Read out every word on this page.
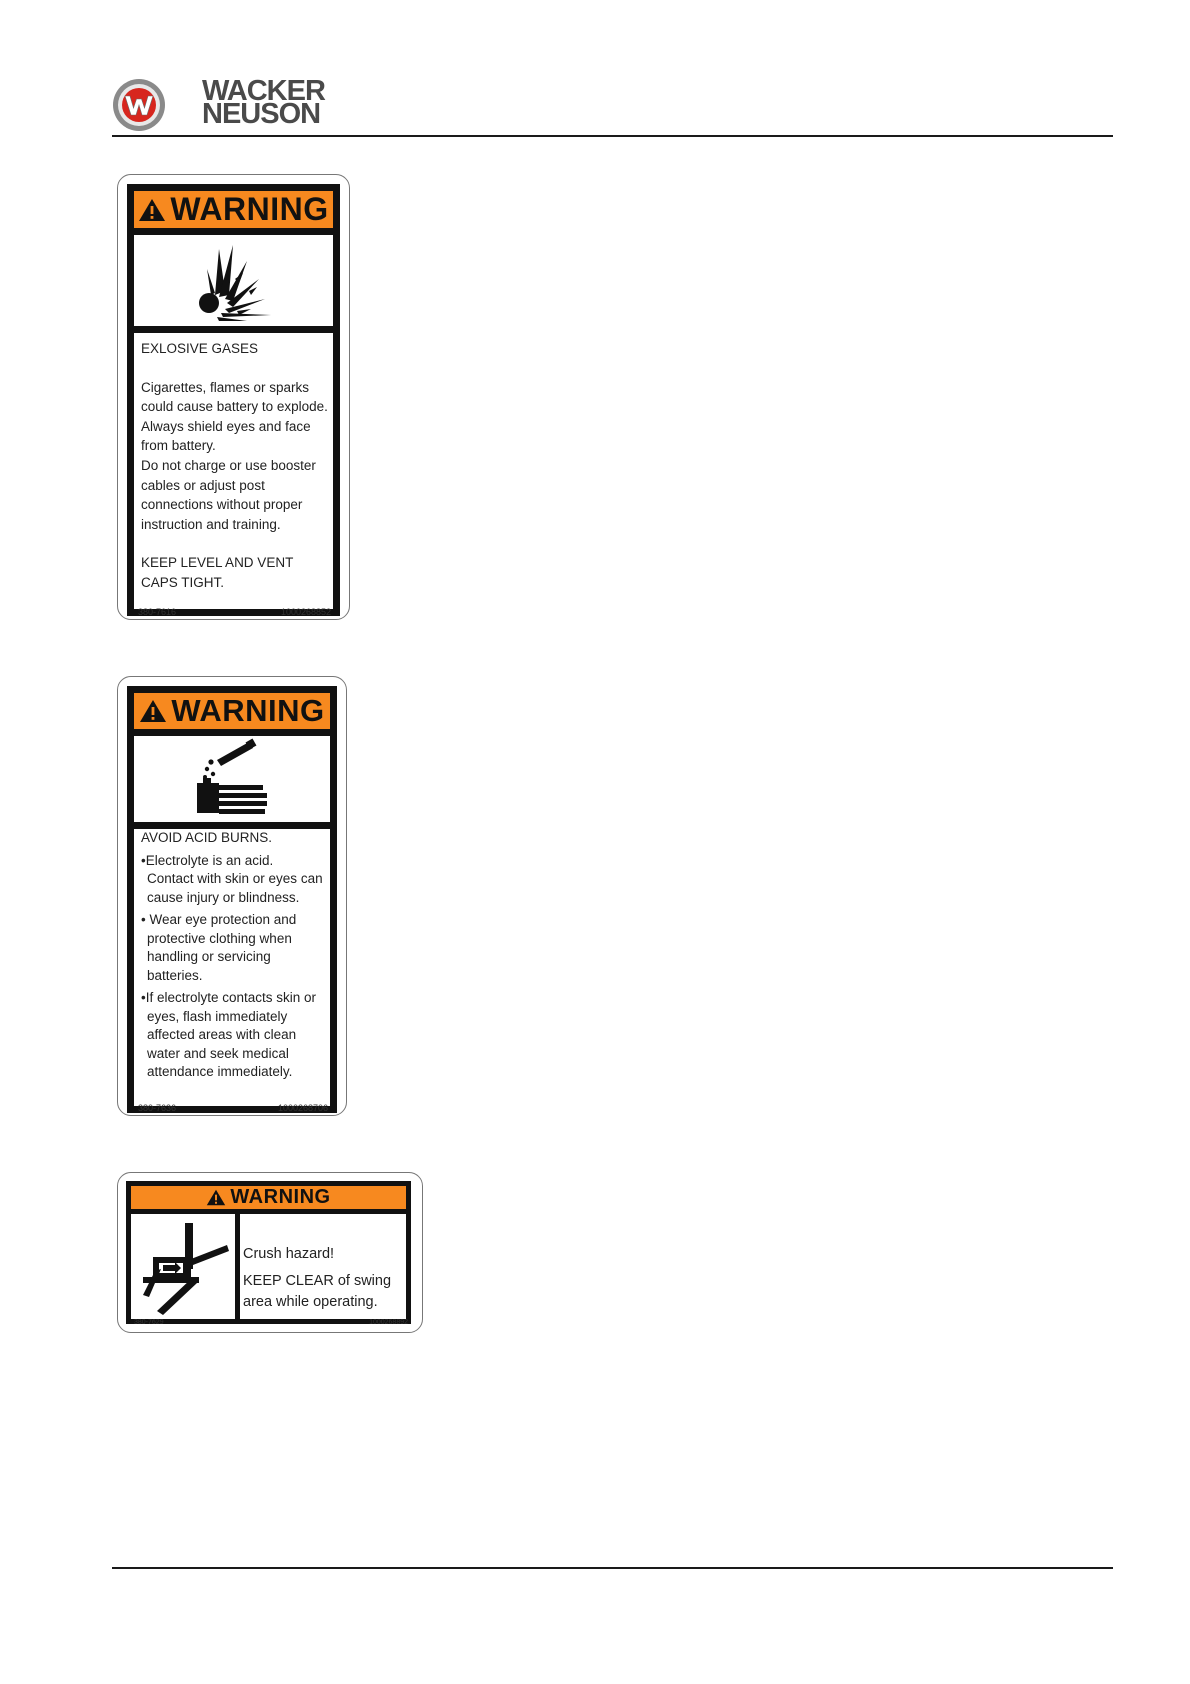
WACKER
NEUSON
WARNING
EXLOSIVE GASES
Cigarettes, flames or sparks
could cause battery to explode.
Always shield eyes and face
from battery.
Do not charge or use booster
cables or adjust post
connections without proper
instruction and training.
KEEP LEVEL AND VENT
CAPS TIGHT.
380-7616	1000268852
WARNING
AVOID ACID BURNS.
•Electrolyte is an acid.
Contact with skin or eyes can
cause injury or blindness.
• Wear eye protection and
protective clothing when
handling or servicing
batteries.
•If electrolyte contacts skin or
eyes, flash immediately
affected areas with clean
water and seek medical
attendance immediately.
380-7636	1000268706
WARNING
Crush hazard!
KEEP CLEAR of swing
area while operating.
380-7629	1000268892
